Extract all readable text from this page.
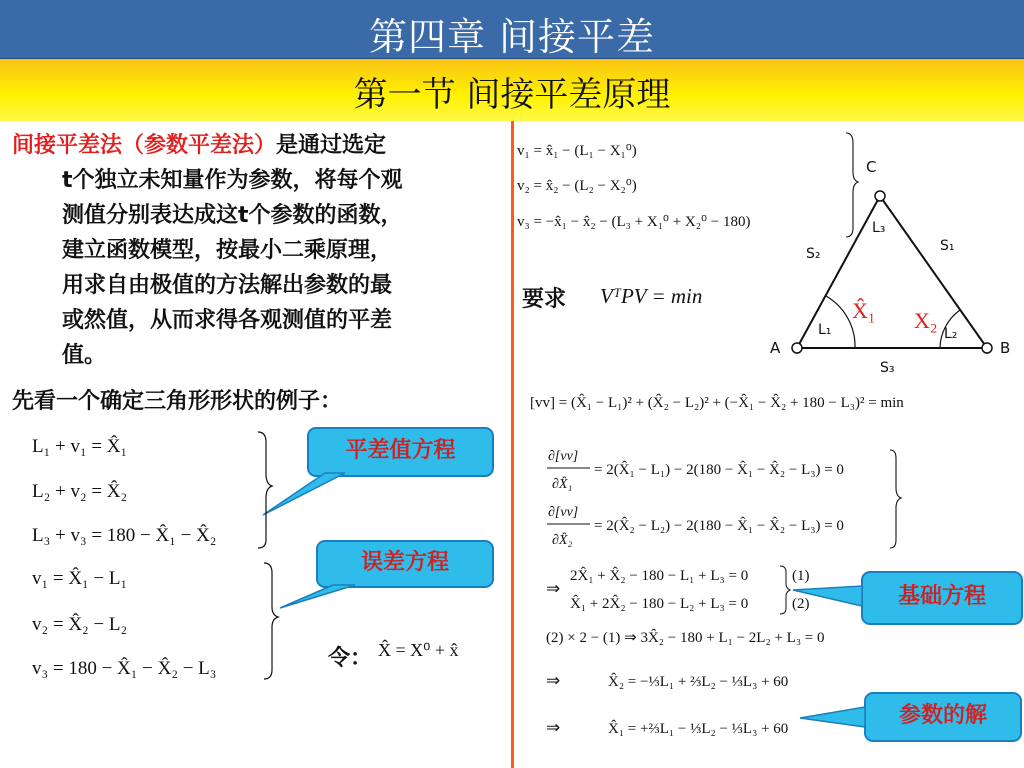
第四章 间接平差
第一节 间接平差原理
间接平差法（参数平差法）是通过选定
t个独立未知量作为参数，将每个观
测值分别表达成这t个参数的函数，
建立函数模型，按最小二乘原理，
用求自由极值的方法解出参数的最
或然值，从而求得各观测值的平差
值。
先看一个确定三角形形状的例子：
平差值方程
误差方程
基础方程
参数的解
要求
令：
L₁ + v₁ = X̂₁
L₂ + v₂ = X̂₂
L₃ + v₃ = 180 − X̂₁ − X̂₂
v₁ = X̂₁ − L₁
v₂ = X̂₂ − L₂
v₃ = 180 − X̂₁ − X̂₂ − L₃
X̂ = X⁰ + x̂
v₁ = x̂₁ − (L₁ − X₁⁰)
v₂ = x̂₂ − (L₂ − X₂⁰)
v₃ = −x̂₁ − x̂₂ − (L₃ + X₁⁰ + X₂⁰ − 180)
VᵀPV = min
A	B
C
S₁
S₂
S₃
L₁	L₂
L₃
X̂₁ X₂
[vv] = (X̂₁ − L₁)² + (X̂₂ − L₂)² + (−X̂₁ − X̂₂ + 180 − L₃)² = min
∂[vv]
∂X̂₁
= 2(X̂₁ − L₁) − 2(180 − X̂₁ − X̂₂ − L₃) = 0
∂[vv]
∂X̂₂
= 2(X̂₂ − L₂) − 2(180 − X̂₁ − X̂₂ − L₃) = 0
⇒
2X̂₁ + X̂₂ − 180 − L₁ + L₃ = 0
X̂₁ + 2X̂₂ − 180 − L₂ + L₃ = 0
(1)
(2)
(2) × 2 − (1) ⇒ 3X̂₂ − 180 + L₁ − 2L₂ + L₃ = 0
⇒	X̂₂ = −⅓L₁ + ⅔L₂ − ⅓L₃ + 60
⇒	X̂₁ = +⅔L₁ − ⅓L₂ − ⅓L₃ + 60
